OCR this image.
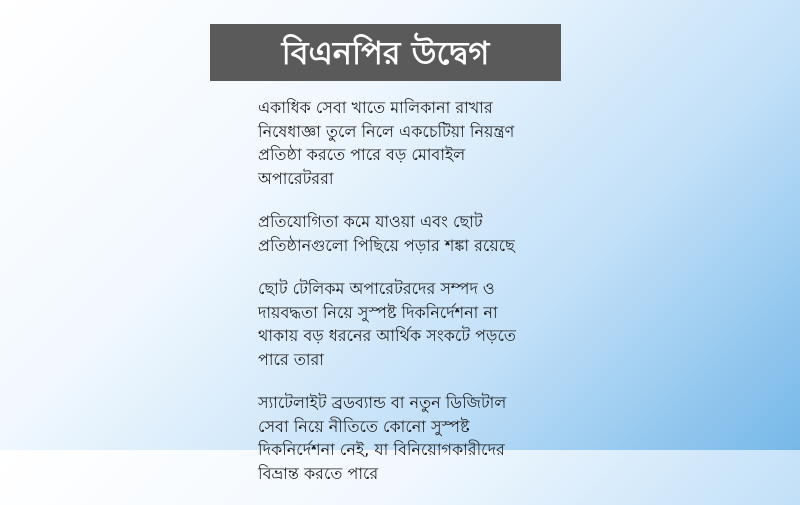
বিএনপির উদ্বেগ

একাধিক সেবা খাতে মালিকানা রাখার
নিষেধাজ্ঞা তুলে নিলে একচেটিয়া নিয়ন্ত্রণ
প্রতিষ্ঠা করতে পারে বড় মোবাইল
অপারেটররা

প্রতিযোগিতা কমে যাওয়া এবং ছোট
প্রতিষ্ঠানগুলো পিছিয়ে পড়ার শঙ্কা রয়েছে

ছোট টেলিকম অপারেটরদের সম্পদ ও
দায়বদ্ধতা নিয়ে সুস্পষ্ট দিকনির্দেশনা না
থাকায় বড় ধরনের আর্থিক সংকটে পড়তে
পারে তারা

স্যাটেলাইট ব্রডব্যান্ড বা নতুন ডিজিটাল
সেবা নিয়ে নীতিতে কোনো সুস্পষ্ট
দিকনির্দেশনা নেই, যা বিনিয়োগকারীদের
বিভ্রান্ত করতে পারে
